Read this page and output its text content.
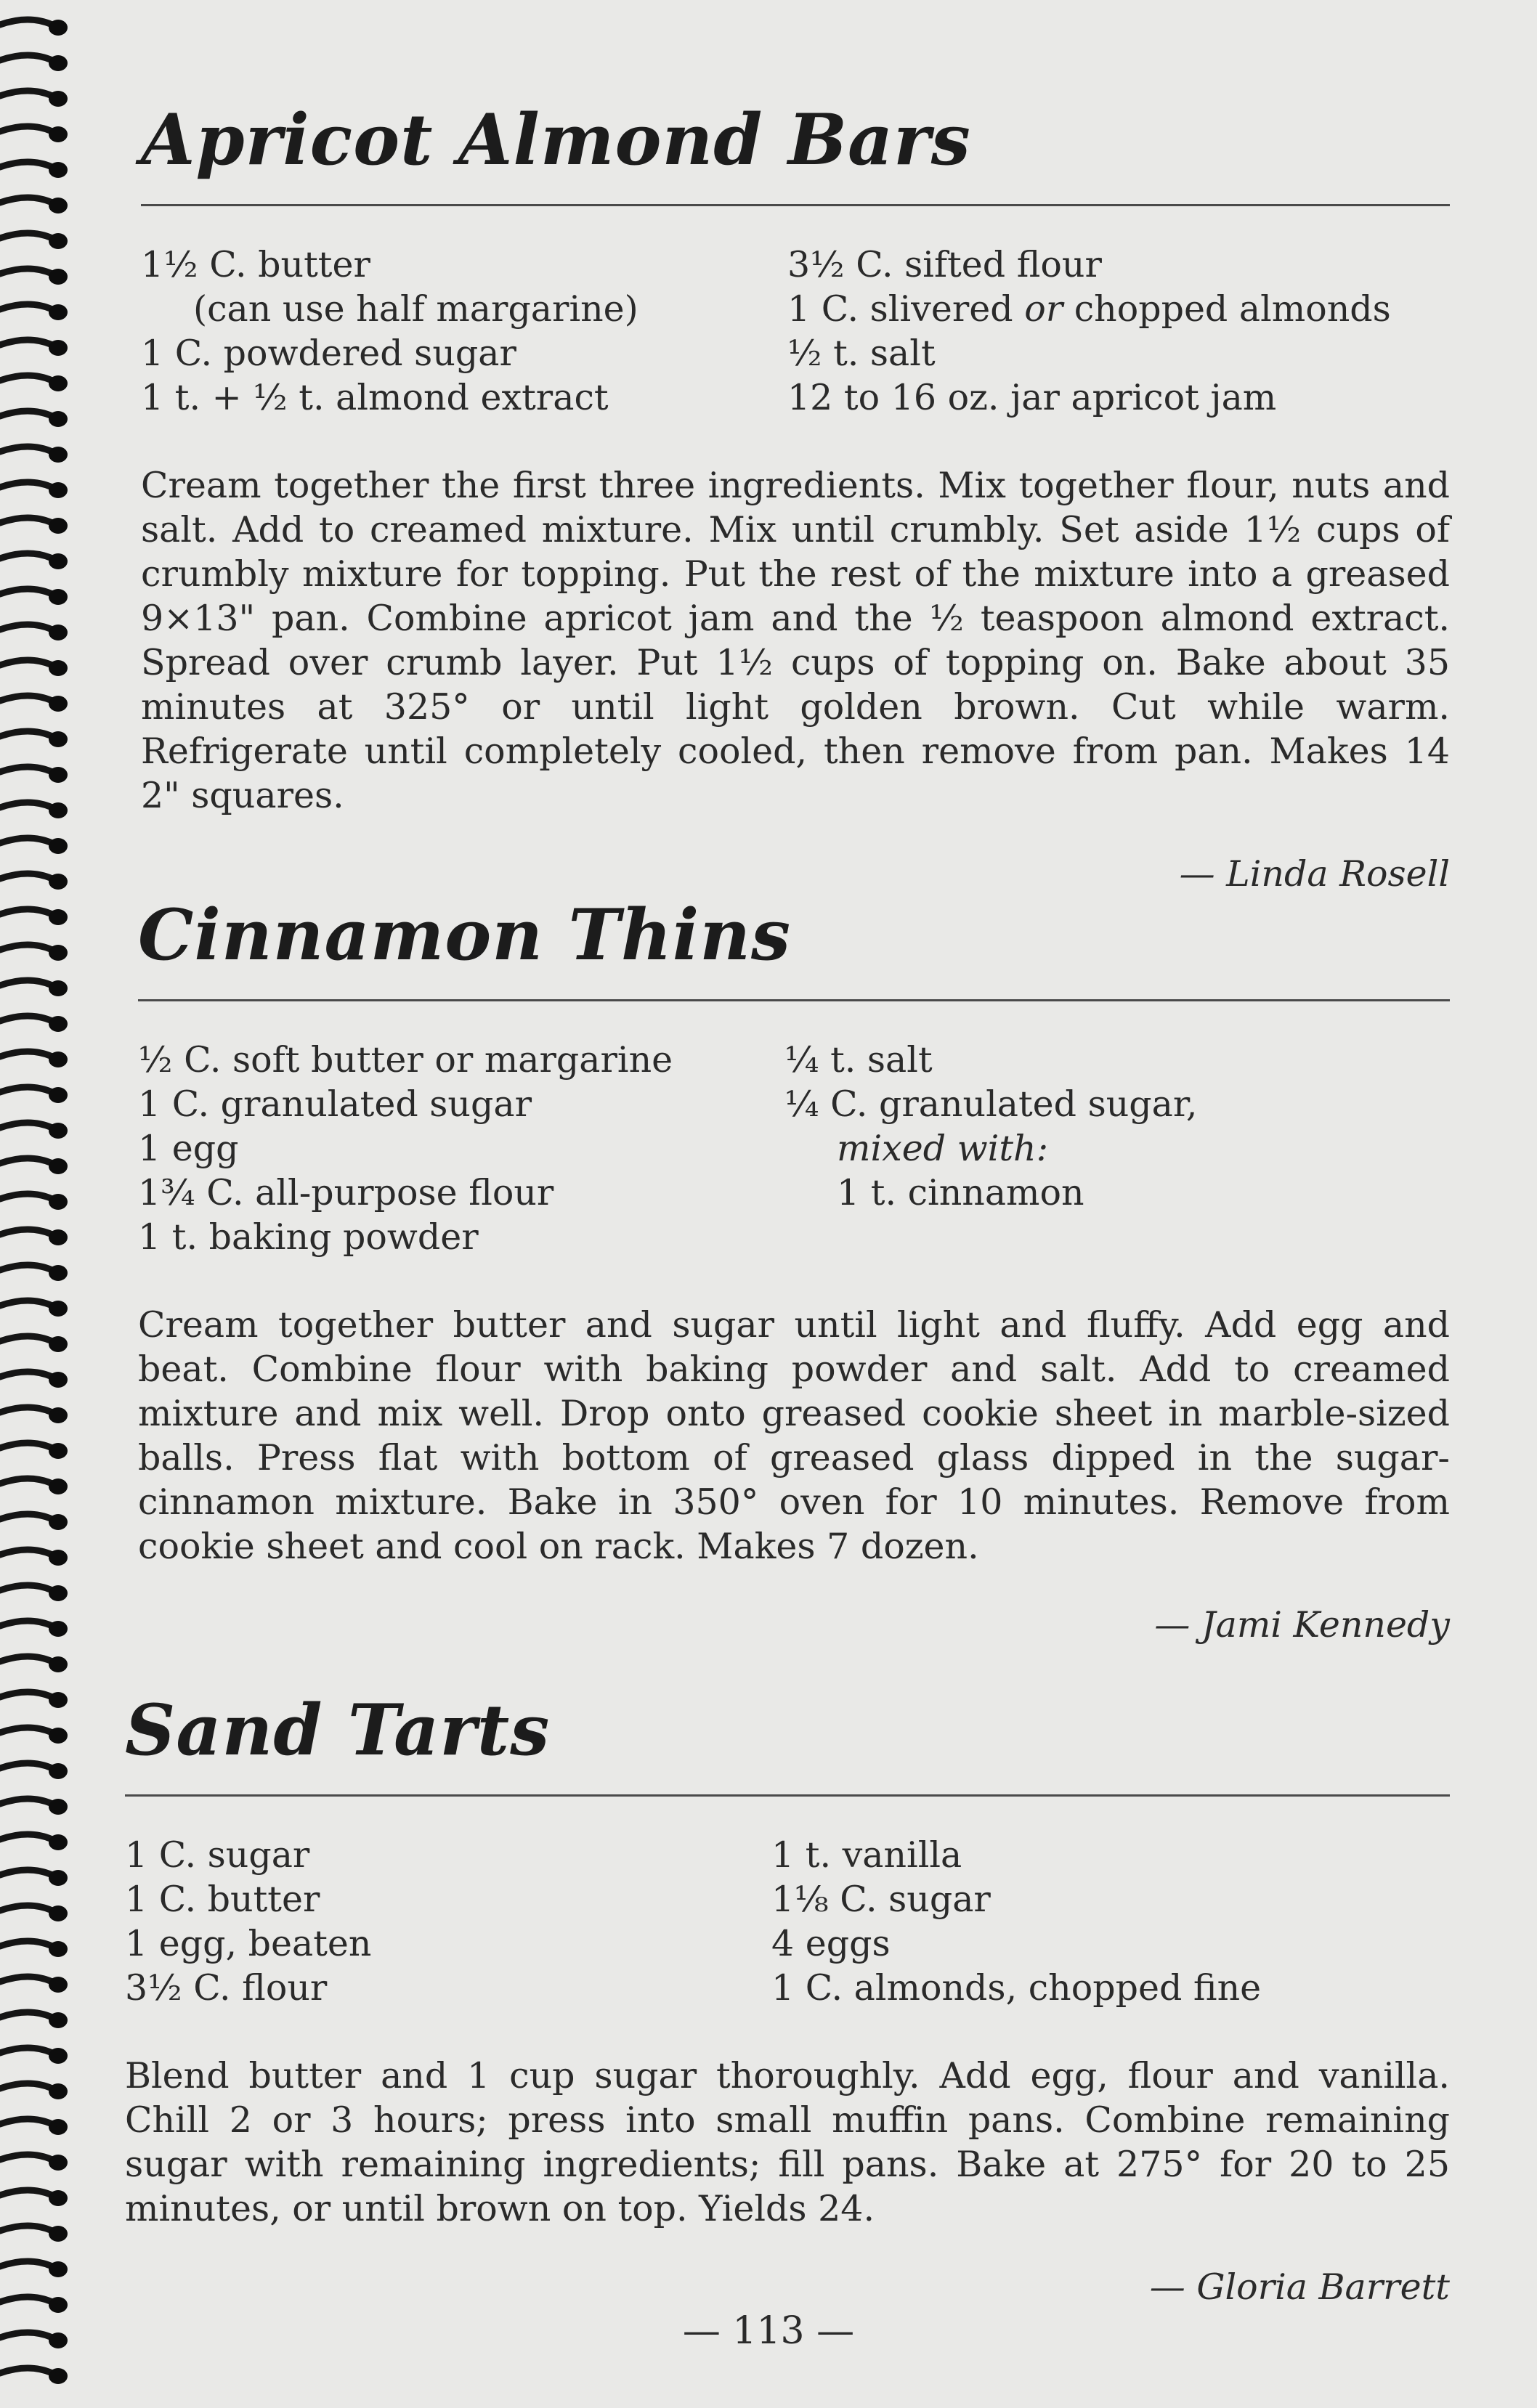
Apricot Almond Bars
1½ C. butter
(can use half margarine)
1 C. powdered sugar
1 t. + ½ t. almond extract
3½ C. sifted flour
1 C. slivered or chopped almonds
½ t. salt
12 to 16 oz. jar apricot jam

Cream together the first three ingredients. Mix together flour, nuts and salt. Add to creamed mixture. Mix until crumbly. Set aside 1½ cups of crumbly mixture for topping. Put the rest of the mixture into a greased 9×13" pan. Combine apricot jam and the ½ teaspoon almond extract. Spread over crumb layer. Put 1½ cups of topping on. Bake about 35 minutes at 325° or until light golden brown. Cut while warm. Refrigerate until completely cooled, then remove from pan. Makes 14 2" squares.

— Linda Rosell
Cinnamon Thins
½ C. soft butter or margarine
1 C. granulated sugar
1 egg
1¾ C. all-purpose flour
1 t. baking powder
¼ t. salt
¼ C. granulated sugar,
mixed with:
1 t. cinnamon

Cream together butter and sugar until light and fluffy. Add egg and beat. Combine flour with baking powder and salt. Add to creamed mixture and mix well. Drop onto greased cookie sheet in marble-sized balls. Press flat with bottom of greased glass dipped in the sugar-cinnamon mixture. Bake in 350° oven for 10 minutes. Remove from cookie sheet and cool on rack. Makes 7 dozen.

— Jami Kennedy
Sand Tarts
1 C. sugar
1 C. butter
1 egg, beaten
3½ C. flour
1 t. vanilla
1⅛ C. sugar
4 eggs
1 C. almonds, chopped fine

Blend butter and 1 cup sugar thoroughly. Add egg, flour and vanilla. Chill 2 or 3 hours; press into small muffin pans. Combine remaining sugar with remaining ingredients; fill pans. Bake at 275° for 20 to 25 minutes, or until brown on top. Yields 24.

— Gloria Barrett
— 113 —
